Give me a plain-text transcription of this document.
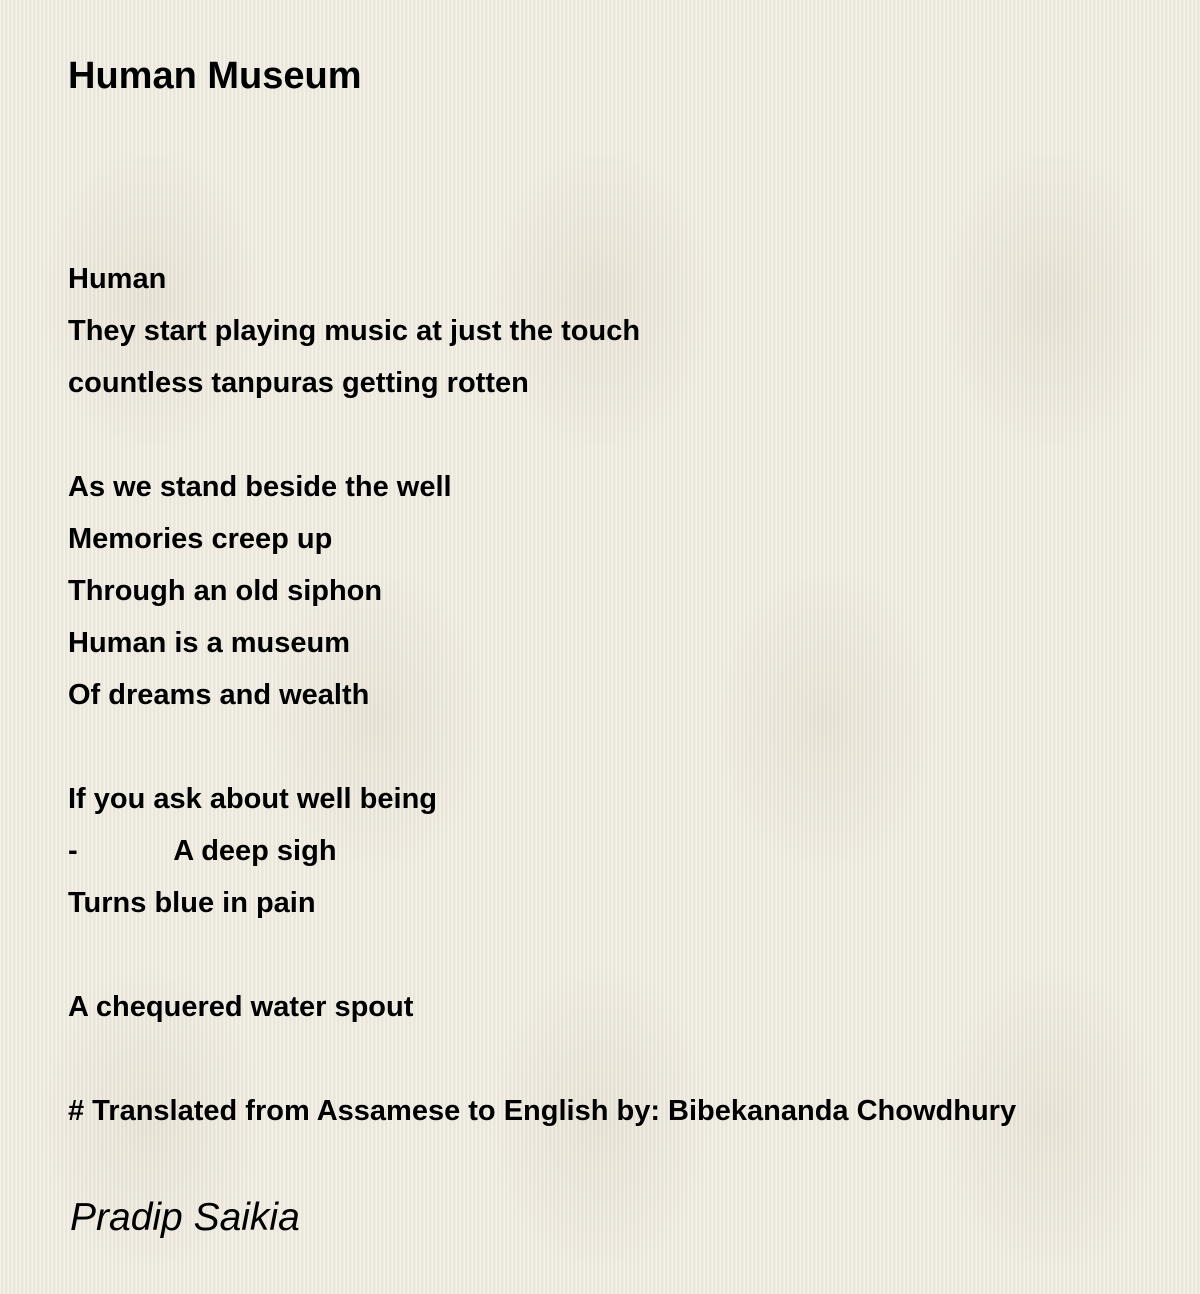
Human Museum
Human
They start playing music at just the touch
countless tanpuras getting rotten
As we stand beside the well
Memories creep up
Through an old siphon
Human is a museum
Of dreams and wealth
If you ask about well being
-            A deep sigh
Turns blue in pain
A chequered water spout
# Translated from Assamese to English by: Bibekananda Chowdhury

Pradip Saikia
